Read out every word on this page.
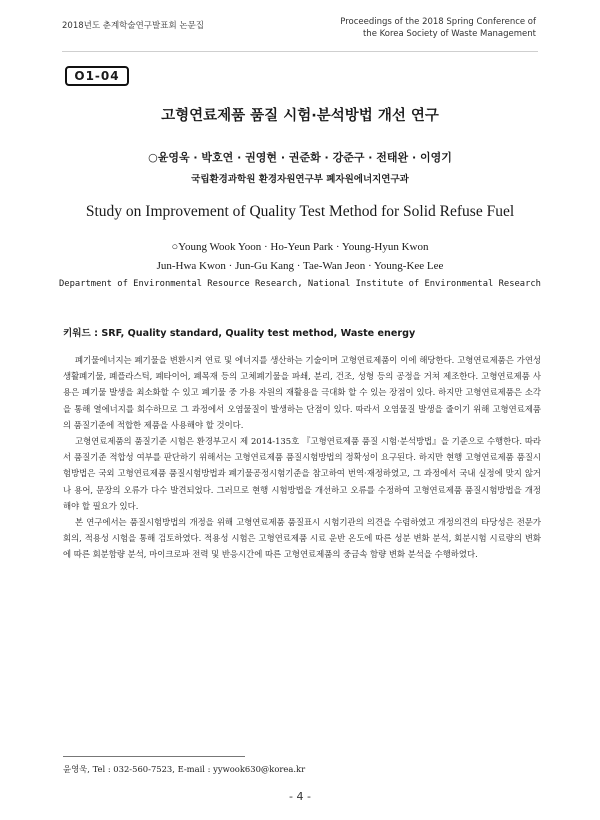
2018년도 춘계학술연구발표회 논문집	Proceedings of the 2018 Spring Conference of
the Korea Society of Waste Management
O1-04
고형연료제품 품질 시험·분석방법 개선 연구
○윤영욱 · 박호연 · 권영현 · 권준화 · 강준구 · 전태완 · 이영기
국립환경과학원 환경자원연구부 폐자원에너지연구과
Study on Improvement of Quality Test Method for Solid Refuse Fuel
○Young Wook Yoon · Ho-Yeun Park · Young-Hyun Kwon
Jun-Hwa Kwon · Jun-Gu Kang · Tae-Wan Jeon · Young-Kee Lee
Department of Environmental Resource Research, National Institute of Environmental Research
키워드 : SRF, Quality standard, Quality test method, Waste energy

폐기물에너지는 폐기물을 변환시켜 연료 및 에너지를 생산하는 기술이며 고형연료제품이 이에 해당한다. 고형연료제품은 가연성 생활폐기물, 폐플라스틱, 폐타이어, 폐목재 등의 고체폐기물을 파쇄, 분리, 건조, 성형 등의 공정을 거쳐 제조한다. 고형연료제품 사용은 폐기물 발생을 최소화할 수 있고 폐기물 중 가용 자원의 재활용을 극대화 할 수 있는 장점이 있다. 하지만 고형연료제품은 소각을 통해 열에너지를 회수하므로 그 과정에서 오염물질이 발생하는 단점이 있다. 따라서 오염물질 발생을 줄이기 위해 고형연료제품의 품질기준에 적합한 제품을 사용해야 할 것이다.

고형연료제품의 품질기준 시험은 환경부고시 제 2014-135호 『고형연료제품 품질 시험·분석방법』을 기준으로 수행한다. 따라서 품질기준 적합성 여부를 판단하기 위해서는 고형연료제품 품질시험방법의 정확성이 요구된다. 하지만 현행 고형연료제품 품질시험방법은 국외 고형연료제품 품질시험방법과 폐기물공정시험기준을 참고하여 번역·재정하였고, 그 과정에서 국내 실정에 맞지 않거나 용어, 문장의 오류가 다수 발견되었다. 그러므로 현행 시험방법을 개선하고 오류를 수정하여 고형연료제품 품질시험방법을 개정해야 할 필요가 있다.

본 연구에서는 품질시험방법의 개정을 위해 고형연료제품 품질표시 시험기관의 의견을 수렴하였고 개정의견의 타당성은 전문가 회의, 적용성 시험을 통해 검토하였다. 적용성 시험은 고형연료제품 시료 운반 온도에 따른 성분 변화 분석, 회분시험 시료량의 변화에 따른 회분함량 분석, 마이크로파 전력 및 반응시간에 따른 고형연료제품의 중금속 함량 변화 분석을 수행하였다.

윤영욱, Tel : 032-560-7523, E-mail : yywook630@korea.kr
- 4 -
